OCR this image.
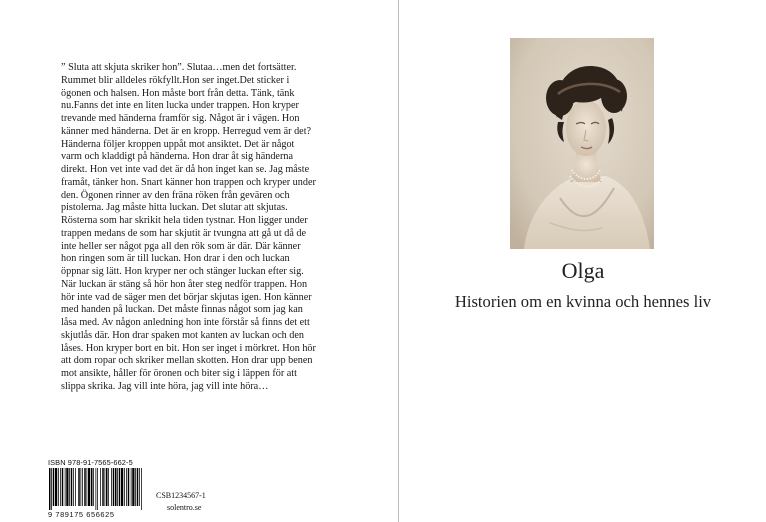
” Sluta att skjuta skriker hon”. Slutaa…men det fortsätter. Rummet blir alldeles rökfyllt.Hon ser inget.Det sticker i ögonen och halsen. Hon måste bort från detta. Tänk, tänk nu.Fanns det inte en liten lucka under trappen. Hon kryper trevande med händerna framför sig. Något är i vägen. Hon känner med händerna. Det är en kropp. Herregud vem är det? Händerna följer kroppen uppåt mot ansiktet. Det är något varm och kladdigt på händerna. Hon drar åt sig händerna direkt. Hon vet inte vad det är då hon inget kan se. Jag måste framåt, tänker hon. Snart känner hon trappen och kryper under den. Ögonen rinner av den fräna röken från gevären och pistolerna. Jag måste hitta luckan. Det slutar att skjutas. Rösterna som har skrikit hela tiden tystnar. Hon ligger under trappen medans de som har skjutit är tvungna att gå ut då de inte heller ser något pga all den rök som är där. Där känner hon ringen som är till luckan. Hon drar i den och luckan öppnar sig lätt. Hon kryper ner och stänger luckan efter sig. När luckan är stäng så hör hon åter steg nedför trappen. Hon hör inte vad de säger men det börjar skjutas igen. Hon känner med handen på luckan. Det måste finnas något som jag kan låsa med. Av någon anledning hon inte förstår så finns det ett skjutlås där. Hon drar spaken mot kanten av luckan och den låses. Hon kryper bort en bit. Hon ser inget i mörkret. Hon hör att dom ropar och skriker mellan skotten. Hon drar upp benen mot ansikte, håller för öronen och biter sig i läppen för att slippa skrika. Jag vill inte höra, jag vill inte höra…
ISBN 978-91-7565-662-5
9 789175 656625
CSB1234567-1
solentro.se
Olga
Historien om en kvinna och hennes liv
